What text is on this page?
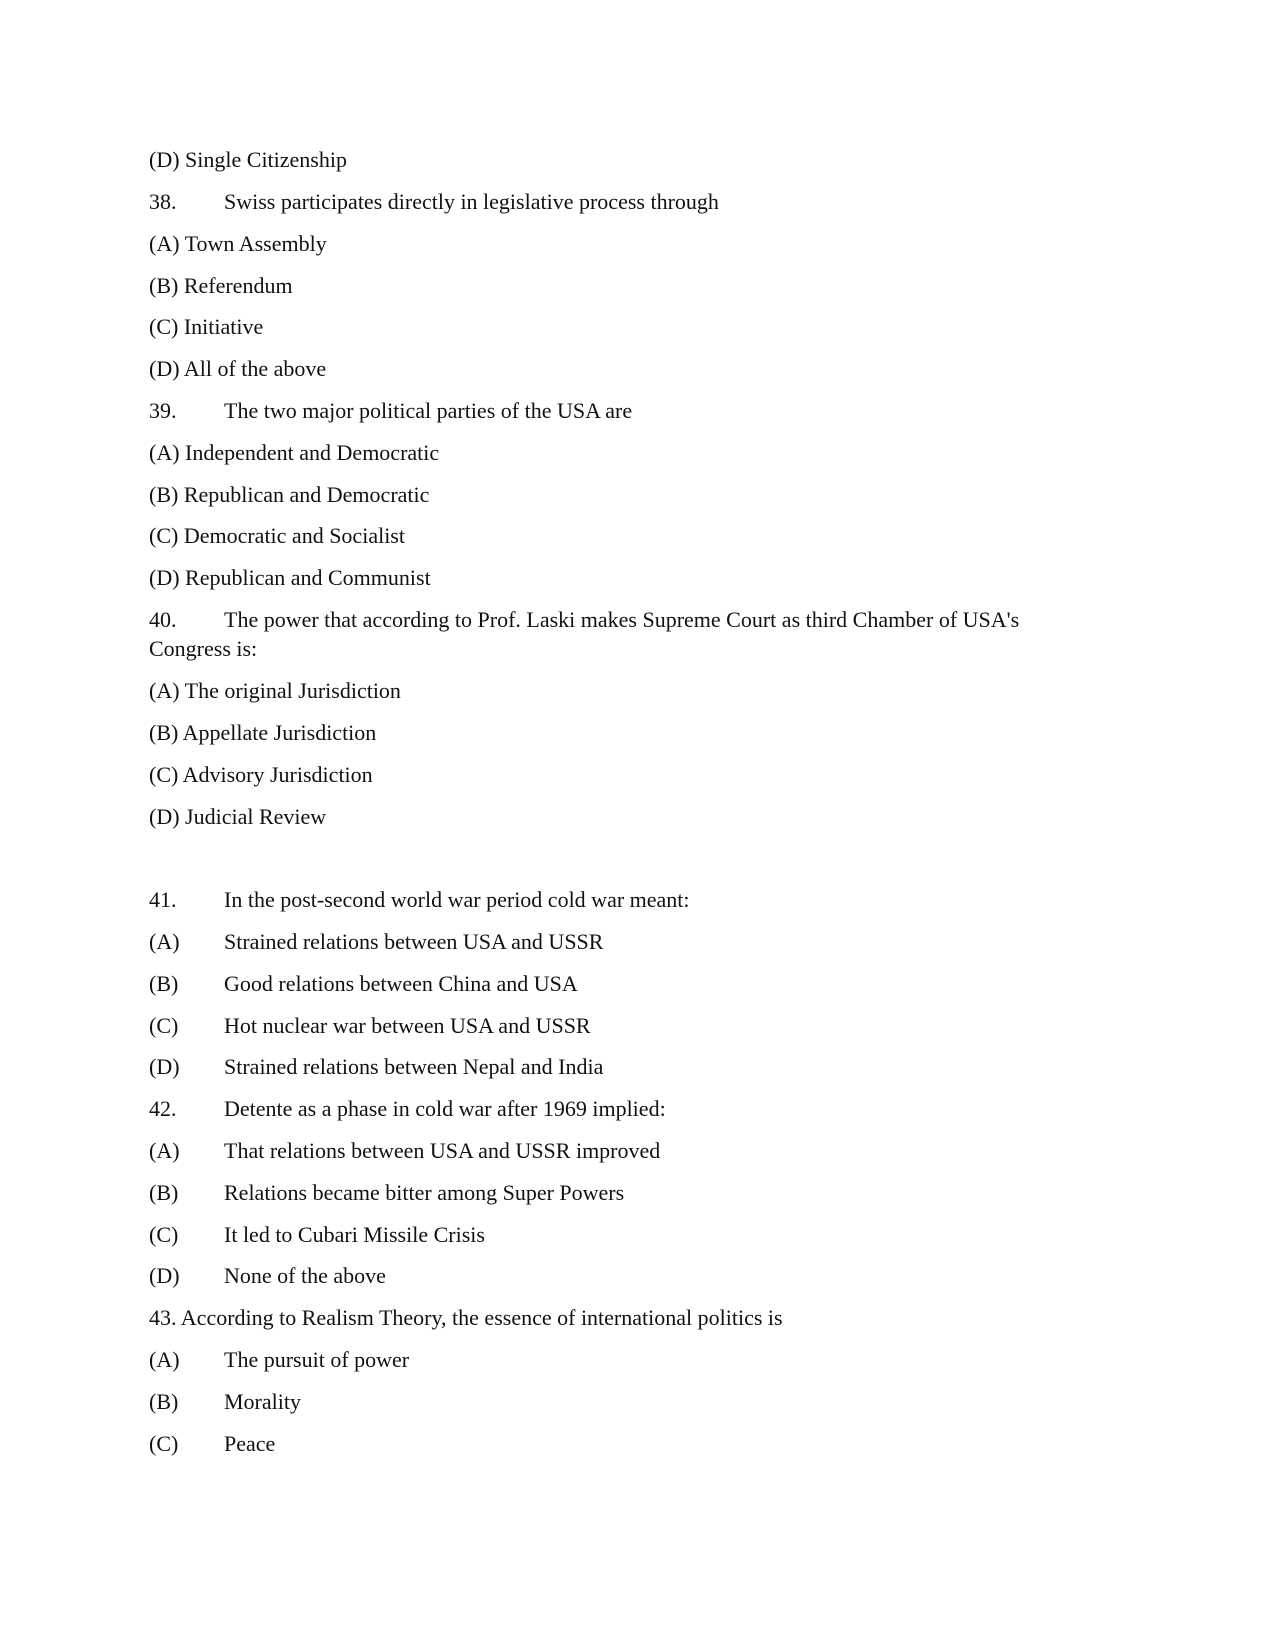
(D) Single Citizenship
38. Swiss participates directly in legislative process through
(A) Town Assembly
(B) Referendum
(C) Initiative
(D) All of the above
39. The two major political parties of the USA are
(A) Independent and Democratic
(B) Republican and Democratic
(C) Democratic and Socialist
(D) Republican and Communist
40. The power that according to Prof. Laski makes Supreme Court as third Chamber of USA's
Congress is:
(A) The original Jurisdiction
(B) Appellate Jurisdiction
(C) Advisory Jurisdiction
(D) Judicial Review
41. In the post-second world war period cold war meant:
(A) Strained relations between USA and USSR
(B) Good relations between China and USA
(C) Hot nuclear war between USA and USSR
(D) Strained relations between Nepal and India
42. Detente as a phase in cold war after 1969 implied:
(A) That relations between USA and USSR improved
(B) Relations became bitter among Super Powers
(C) It led to Cubari Missile Crisis
(D) None of the above
43. According to Realism Theory, the essence of international politics is
(A) The pursuit of power
(B) Morality
(C) Peace
